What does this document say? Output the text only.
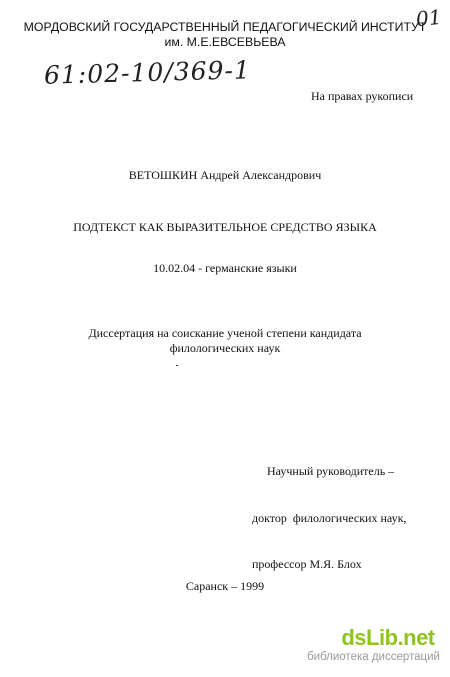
МОРДОВСКИЙ ГОСУДАРСТВЕННЫЙ ПЕДАГОГИЧЕСКИЙ ИНСТИТУТ
им. М.Е.ЕВСЕВЬЕВА
01
61:02-10/369-1
На правах рукописи
ВЕТОШКИН Андрей Александрович
ПОДТЕКСТ КАК ВЫРАЗИТЕЛЬНОЕ СРЕДСТВО ЯЗЫКА
10.02.04 - германские языки
Диссертация на соискание ученой степени кандидата
филологических наук

Научный руководитель –

доктор  филологических наук,

профессор М.Я. Блох

Саранск – 1999
dsLib.net
библиотека диссертаций
